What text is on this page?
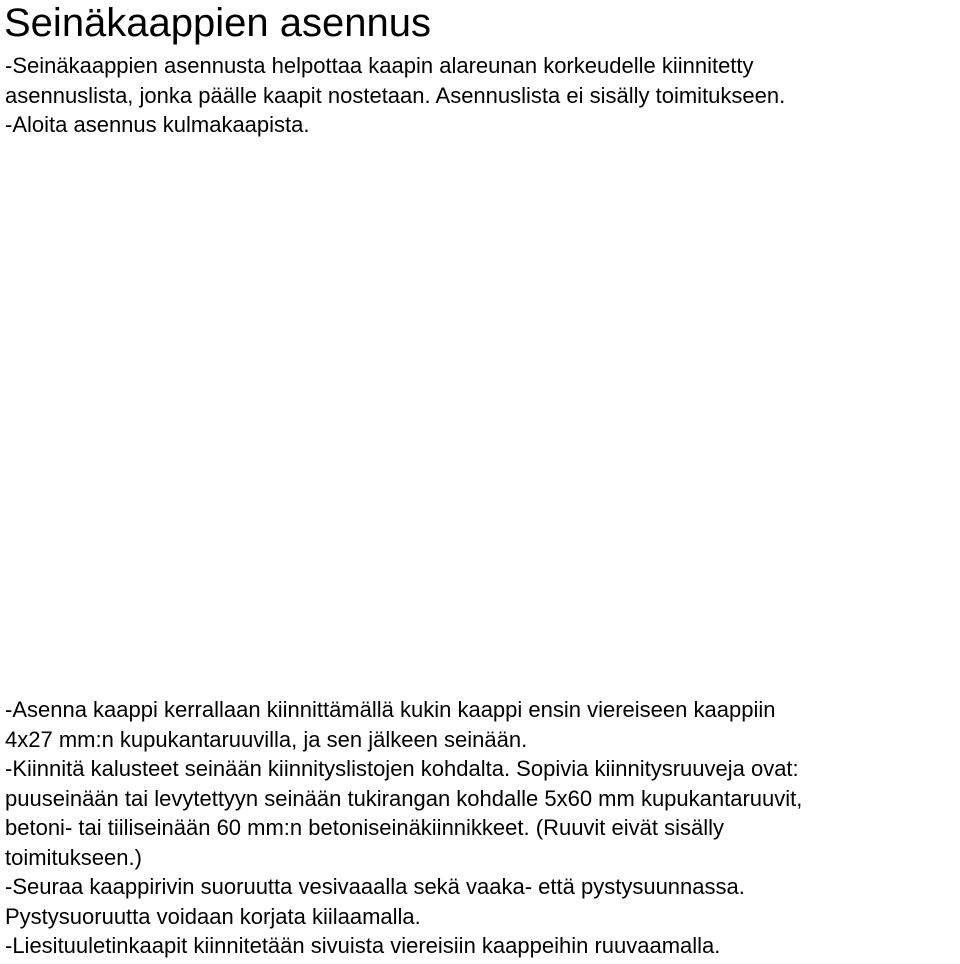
Seinäkaappien asennus

-Seinäkaappien asennusta helpottaa kaapin alareunan korkeudelle kiinnitetty

asennuslista, jonka päälle kaapit nostetaan. Asennuslista ei sisälly toimitukseen.

-Aloita asennus kulmakaapista.

-Asenna kaappi kerrallaan kiinnittämällä kukin kaappi ensin viereiseen kaappiin

4x27 mm:n kupukantaruuvilla, ja sen jälkeen seinään.

-Kiinnitä kalusteet seinään kiinnityslistojen kohdalta. Sopivia kiinnitysruuveja ovat:

puuseinään tai levytettyyn seinään tukirangan kohdalle 5x60 mm kupukantaruuvit,

betoni- tai tiiliseinään 60 mm:n betoniseinäkiinnikkeet. (Ruuvit eivät sisälly

toimitukseen.)

-Seuraa kaappirivin suoruutta vesivaaalla sekä vaaka- että pystysuunnassa.

Pystysuoruutta voidaan korjata kiilaamalla.

-Liesituuletinkaapit kiinnitetään sivuista viereisiin kaappeihin ruuvaamalla.
